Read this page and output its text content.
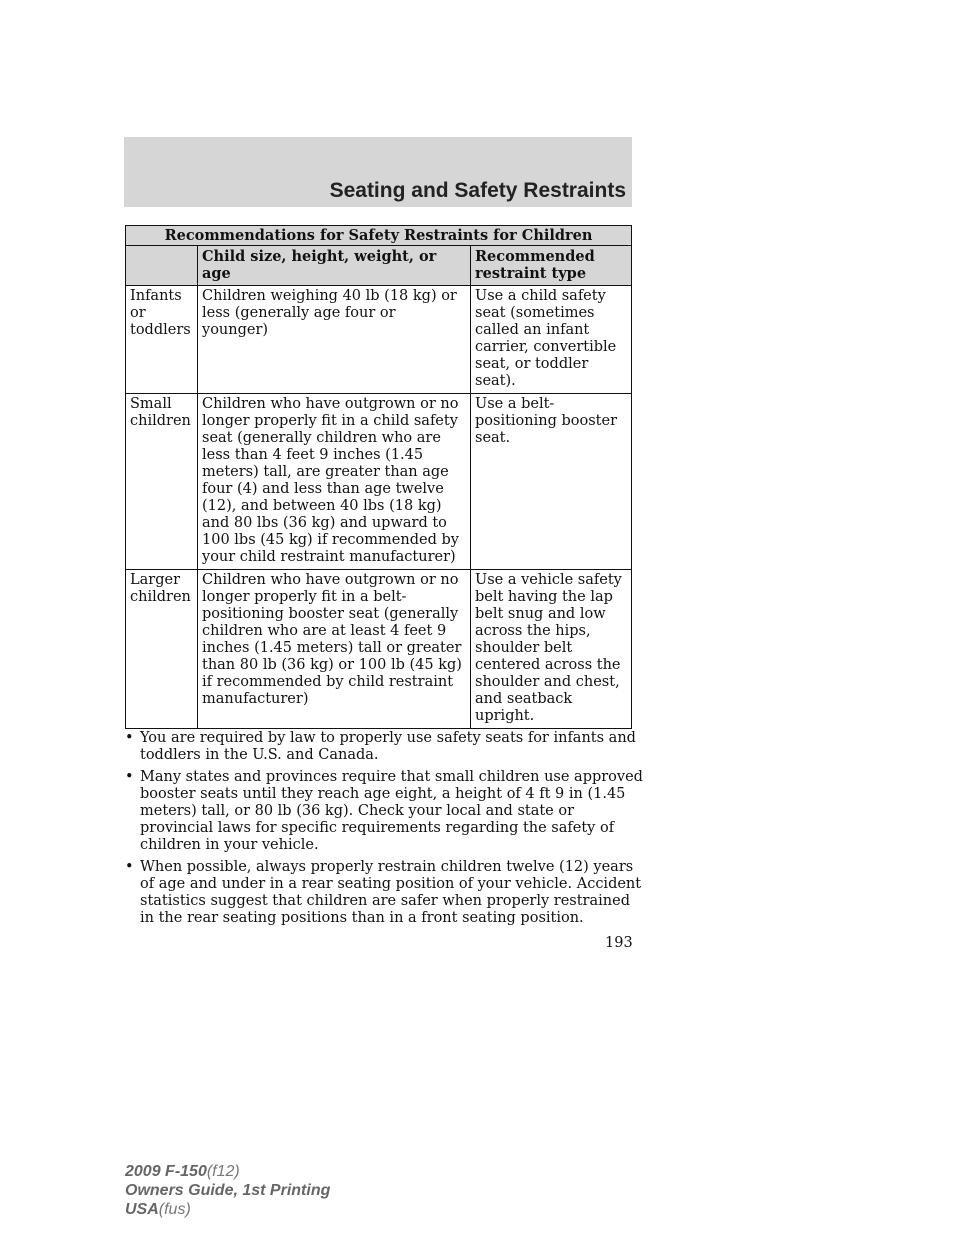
Seating and Safety Restraints
Recommendations for Safety Restraints for Children		
	Child size, height, weight, or age	Recommended restraint type
Infants or toddlers	Children weighing 40 lb (18 kg) or less (generally age four or younger)	Use a child safety seat (sometimes called an infant carrier, convertible seat, or toddler seat).
Small children	Children who have outgrown or no longer properly fit in a child safety seat (generally children who are less than 4 feet 9 inches (1.45 meters) tall, are greater than age four (4) and less than age twelve (12), and between 40 lbs (18 kg) and 80 lbs (36 kg) and upward to 100 lbs (45 kg) if recommended by your child restraint manufacturer)	Use a belt-positioning booster seat.
Larger children	Children who have outgrown or no longer properly fit in a belt-positioning booster seat (generally children who are at least 4 feet 9 inches (1.45 meters) tall or greater than 80 lb (36 kg) or 100 lb (45 kg) if recommended by child restraint manufacturer)	Use a vehicle safety belt having the lap belt snug and low across the hips, shoulder belt centered across the shoulder and chest, and seatback upright.
• You are required by law to properly use safety seats for infants and toddlers in the U.S. and Canada.
• Many states and provinces require that small children use approved booster seats until they reach age eight, a height of 4 ft 9 in (1.45 meters) tall, or 80 lb (36 kg). Check your local and state or provincial laws for specific requirements regarding the safety of children in your vehicle.
• When possible, always properly restrain children twelve (12) years of age and under in a rear seating position of your vehicle. Accident statistics suggest that children are safer when properly restrained in the rear seating positions than in a front seating position.
193
2009 F-150(f12)
Owners Guide, 1st Printing
USA(fus)
